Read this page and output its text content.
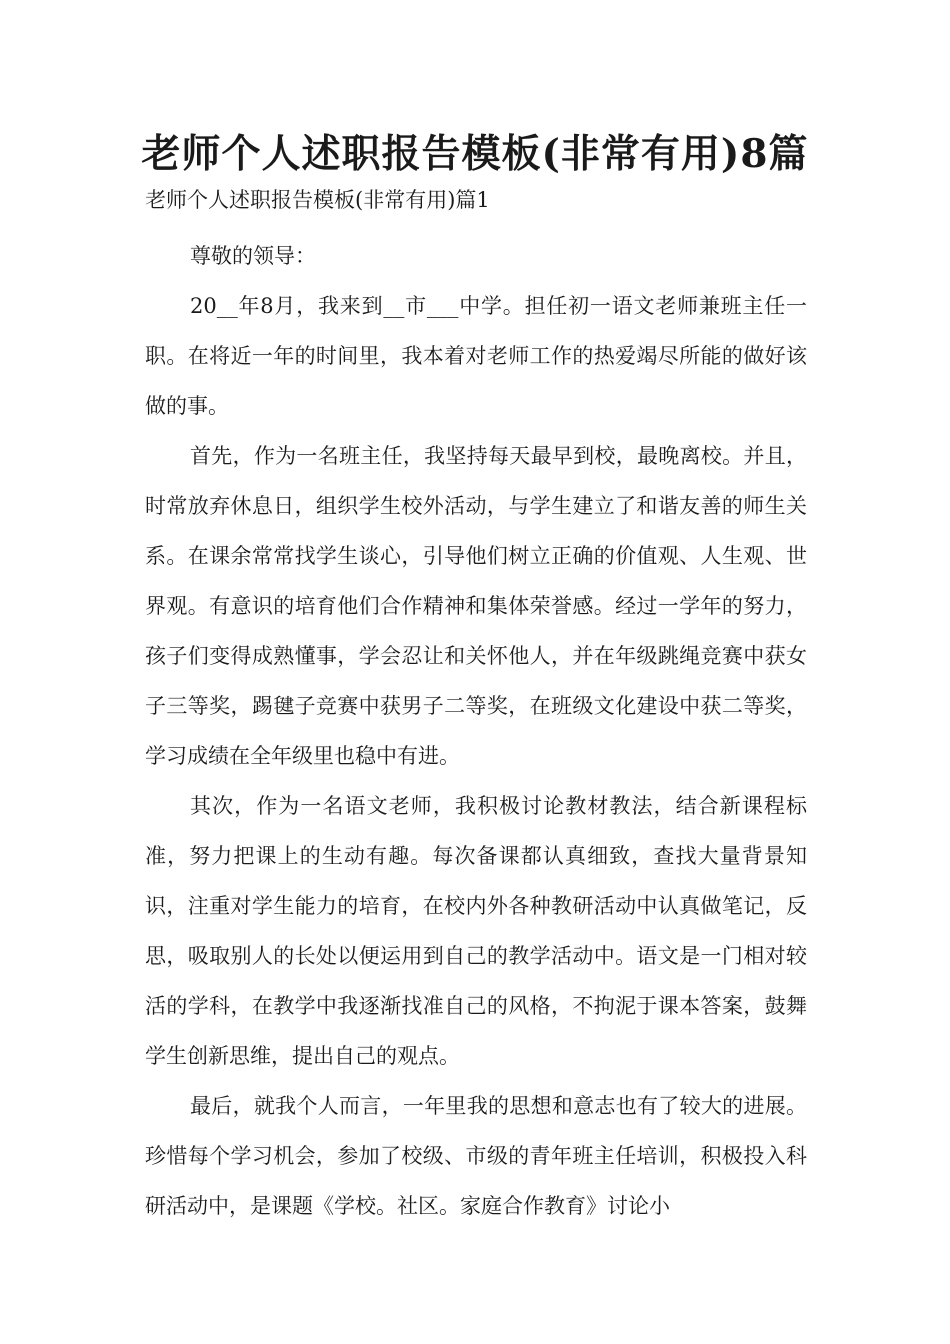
老师个人述职报告模板(非常有用)8篇

老师个人述职报告模板(非常有用)篇1

尊敬的领导：

20__年8月，我来到__市___中学。担任初一语文老师兼班主任一职。在将近一年的时间里，我本着对老师工作的热爱竭尽所能的做好该做的事。

首先，作为一名班主任，我坚持每天最早到校，最晚离校。并且，时常放弃休息日，组织学生校外活动，与学生建立了和谐友善的师生关系。在课余常常找学生谈心，引导他们树立正确的价值观、人生观、世界观。有意识的培育他们合作精神和集体荣誉感。经过一学年的努力，孩子们变得成熟懂事，学会忍让和关怀他人，并在年级跳绳竞赛中获女子三等奖，踢毽子竞赛中获男子二等奖，在班级文化建设中获二等奖，学习成绩在全年级里也稳中有进。

其次，作为一名语文老师，我积极讨论教材教法，结合新课程标准，努力把课上的生动有趣。每次备课都认真细致，查找大量背景知识，注重对学生能力的培育，在校内外各种教研活动中认真做笔记，反思，吸取别人的长处以便运用到自己的教学活动中。语文是一门相对较活的学科，在教学中我逐渐找准自己的风格，不拘泥于课本答案，鼓舞学生创新思维，提出自己的观点。

最后，就我个人而言，一年里我的思想和意志也有了较大的进展。珍惜每个学习机会，参加了校级、市级的青年班主任培训，积极投入科研活动中，是课题《学校。社区。家庭合作教育》讨论小
